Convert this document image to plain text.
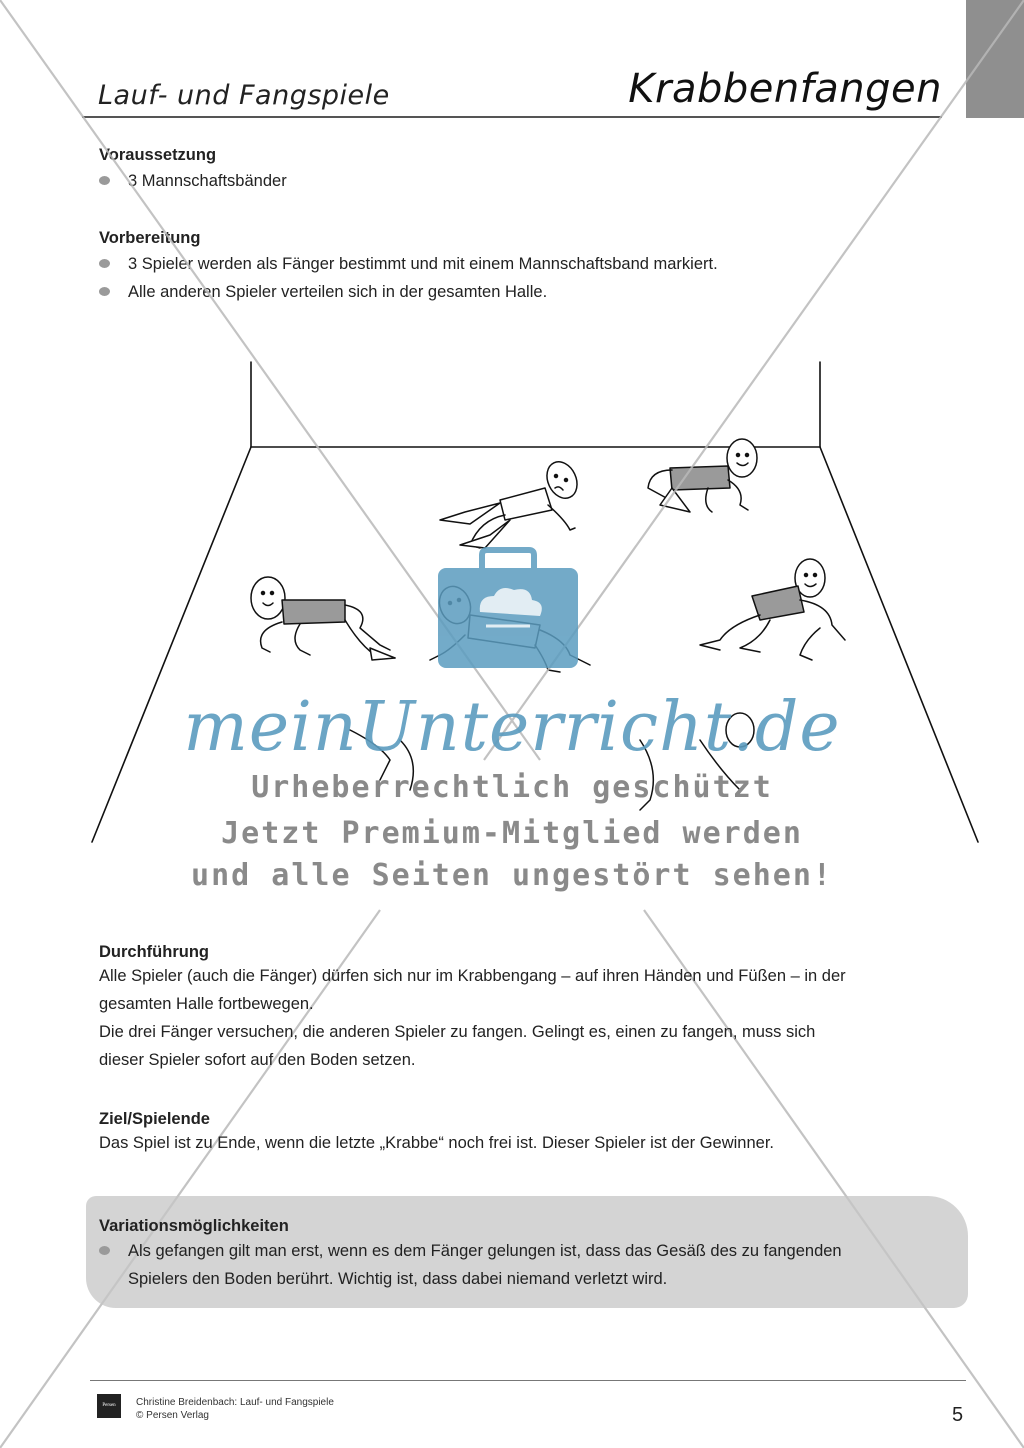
Lauf- und Fangspiele	Krabbenfangen
Voraussetzung
3 Mannschaftsbänder
Vorbereitung
3 Spieler werden als Fänger bestimmt und mit einem Mannschaftsband markiert.
Alle anderen Spieler verteilen sich in der gesamten Halle.
meinUnterricht.de
Urheberrechtlich geschützt
Jetzt Premium-Mitglied werden
und alle Seiten ungestört sehen!
Durchführung
Alle Spieler (auch die Fänger) dürfen sich nur im Krabbengang – auf ihren Händen und Füßen – in der
gesamten Halle fortbewegen.
Die drei Fänger versuchen, die anderen Spieler zu fangen. Gelingt es, einen zu fangen, muss sich
dieser Spieler sofort auf den Boden setzen.
Ziel/Spielende
Das Spiel ist zu Ende, wenn die letzte „Krabbe“ noch frei ist. Dieser Spieler ist der Gewinner.
Variationsmöglichkeiten
Als gefangen gilt man erst, wenn es dem Fänger gelungen ist, dass das Gesäß des zu fangenden
Spielers den Boden berührt. Wichtig ist, dass dabei niemand verletzt wird.
Persen	Christine Breidenbach: Lauf- und Fangspiele
© Persen Verlag	5
